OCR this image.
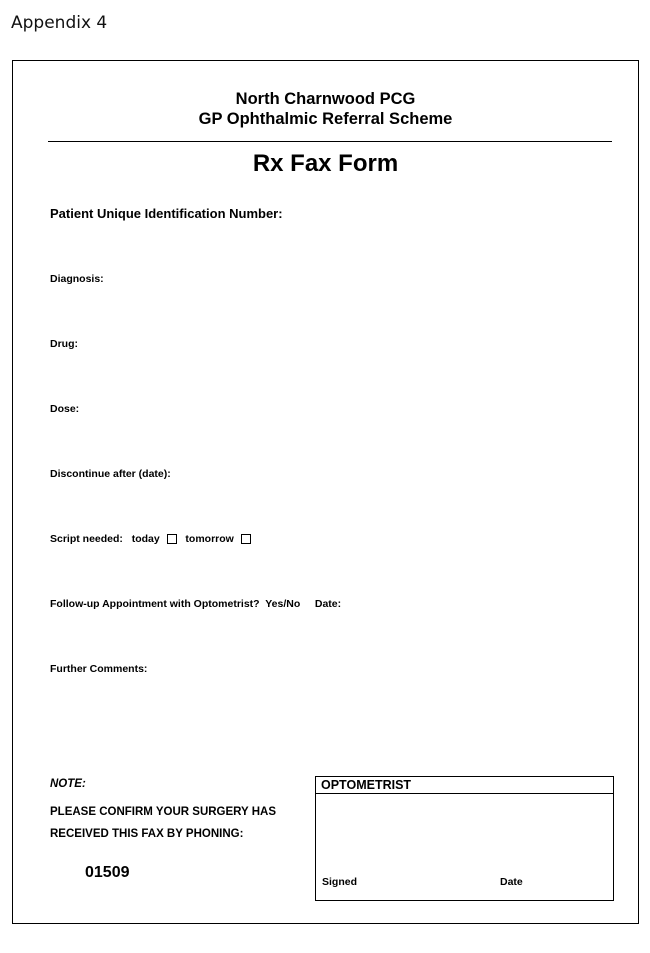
Appendix 4
North Charnwood PCG
GP Ophthalmic Referral Scheme
Rx Fax Form
Patient Unique Identification Number:
Diagnosis:
Drug:
Dose:
Discontinue after (date):
Script needed: today tomorrow
Follow-up Appointment with Optometrist? Yes/No Date:
Further Comments:
NOTE:
PLEASE CONFIRM YOUR SURGERY HAS
RECEIVED THIS FAX BY PHONING:
01509
OPTOMETRIST
Signed	Date
